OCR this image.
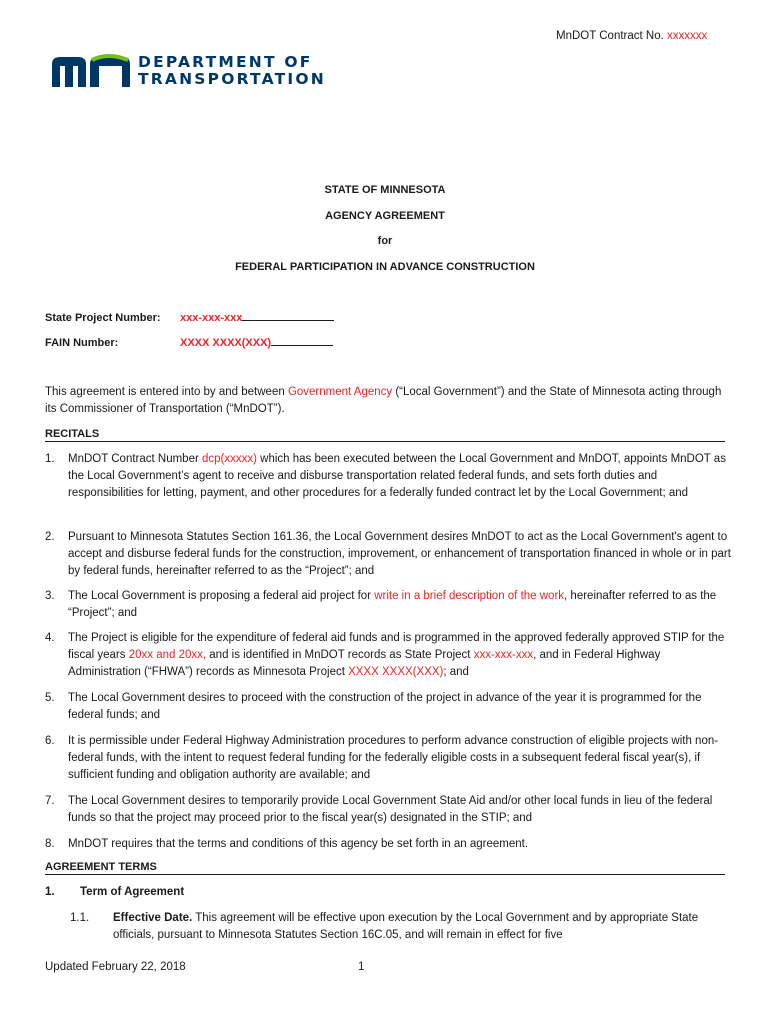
MnDOT Contract No. xxxxxxx
DEPARTMENT OF
TRANSPORTATION
STATE OF MINNESOTA
AGENCY AGREEMENT
for
FEDERAL PARTICIPATION IN ADVANCE CONSTRUCTION
State Project Number: xxx-xxx-xxx
FAIN Number:	XXXX XXXX(XXX)
This agreement is entered into by and between Government Agency (“Local Government”) and the State of Minnesota acting through its Commissioner of Transportation (“MnDOT”).
RECITALS
1. MnDOT Contract Number dcp(xxxxx) which has been executed between the Local Government and MnDOT, appoints MnDOT as the Local Government’s agent to receive and disburse transportation related federal funds, and sets forth duties and responsibilities for letting, payment, and other procedures for a federally funded contract let by the Local Government; and
2. Pursuant to Minnesota Statutes Section 161.36, the Local Government desires MnDOT to act as the Local Government's agent to accept and disburse federal funds for the construction, improvement, or enhancement of transportation financed in whole or in part by federal funds, hereinafter referred to as the “Project”; and
3. The Local Government is proposing a federal aid project for write in a brief description of the work, hereinafter referred to as the “Project”; and
4. The Project is eligible for the expenditure of federal aid funds and is programmed in the approved federally approved STIP for the fiscal years 20xx and 20xx, and is identified in MnDOT records as State Project xxx-xxx-xxx, and in Federal Highway Administration (“FHWA”) records as Minnesota Project XXXX XXXX(XXX); and
5. The Local Government desires to proceed with the construction of the project in advance of the year it is programmed for the federal funds; and
6. It is permissible under Federal Highway Administration procedures to perform advance construction of eligible projects with non-federal funds, with the intent to request federal funding for the federally eligible costs in a subsequent federal fiscal year(s), if sufficient funding and obligation authority are available; and
7. The Local Government desires to temporarily provide Local Government State Aid and/or other local funds in lieu of the federal funds so that the project may proceed prior to the fiscal year(s) designated in the STIP; and
8. MnDOT requires that the terms and conditions of this agency be set forth in an agreement.
AGREEMENT TERMS
1. Term of Agreement
1.1. Effective Date. This agreement will be effective upon execution by the Local Government and by appropriate State officials, pursuant to Minnesota Statutes Section 16C.05, and will remain in effect for five
Updated February 22, 2018	1
